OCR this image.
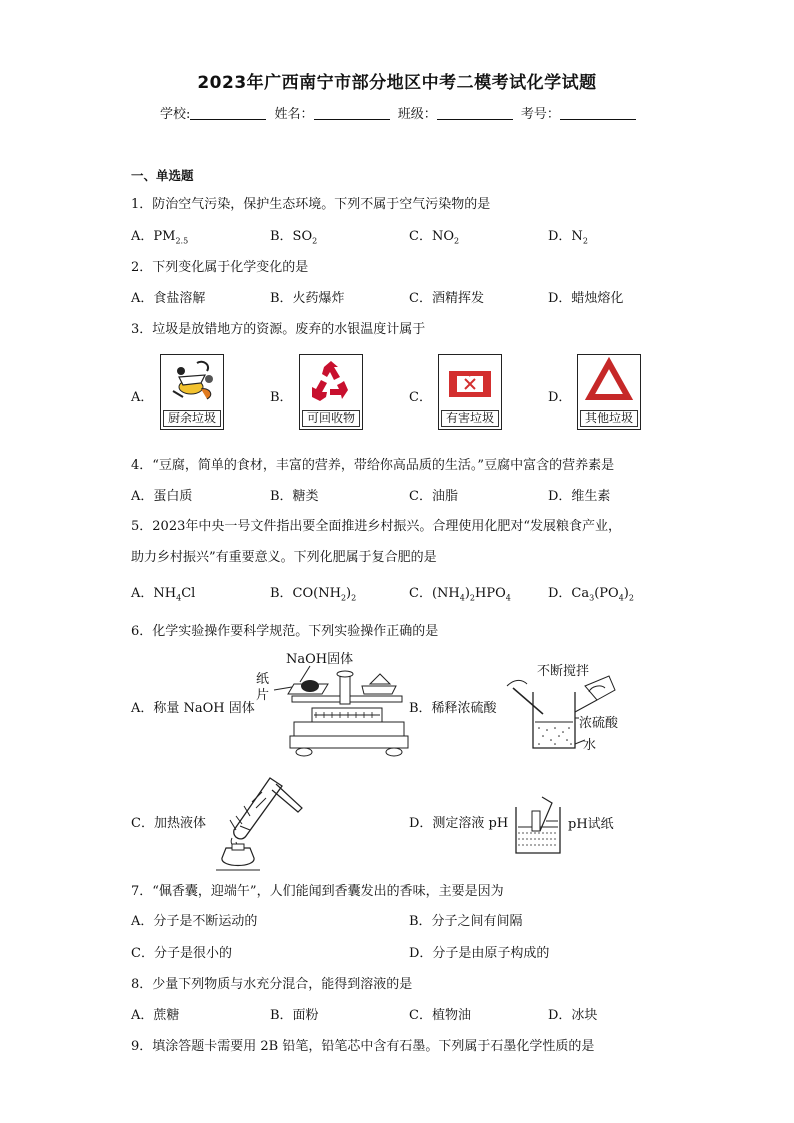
2023年广西南宁市部分地区中考二模考试化学试题
学校:	姓名：	班级：	考号：
一、单选题
1．防治空气污染，保护生态环境。下列不属于空气污染物的是
A．$PM_{2.5}$	B．$SO_2$	C．$NO_2$	D．$N_2$
2．下列变化属于化学变化的是
A．食盐溶解	B．火药爆炸	C．酒精挥发	D．蜡烛熔化
3．垃圾是放错地方的资源。废弃的水银温度计属于
A．
厨余垃圾
B．
可回收物
C．
有害垃圾
D．
其他垃圾
4．“豆腐，简单的食材，丰富的营养，带给你高品质的生活。”豆腐中富含的营养素是
A．蛋白质	B．糖类	C．油脂	D．维生素
5．2023年中央一号文件指出要全面推进乡村振兴。合理使用化肥对“发展粮食产业，
助力乡村振兴”有重要意义。下列化肥属于复合肥的是
A．$NH_4Cl$	B．$CO(NH_2)_2$	C．$(NH_4)_2HPO_4$	D．$Ca_3(PO_4)_2$
6．化学实验操作要科学规范。下列实验操作正确的是
A．称量 NaOH 固体
NaOH固体
纸
片
B．稀释浓硫酸
不断搅拌
浓硫酸
水
C．加热液体	D．测定溶液 pH	pH试纸
7．“佩香囊，迎端午”，人们能闻到香囊发出的香味，主要是因为
A．分子是不断运动的	B．分子之间有间隔
C．分子是很小的	D．分子是由原子构成的
8．少量下列物质与水充分混合，能得到溶液的是
A．蔗糖	B．面粉	C．植物油	D．冰块
9．填涂答题卡需要用 2B 铅笔，铅笔芯中含有石墨。下列属于石墨化学性质的是
